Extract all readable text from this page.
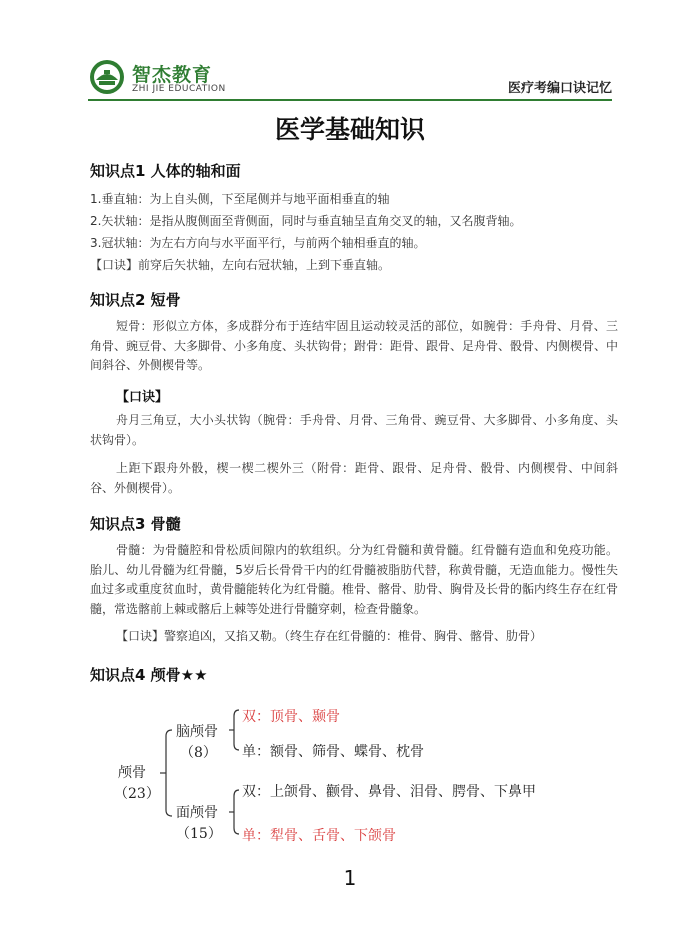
智杰教育
ZHI JIE EDUCATION	医疗考编口诀记忆
医学基础知识
知识点1 人体的轴和面
1.垂直轴：为上自头侧，下至尾侧并与地平面相垂直的轴
2.矢状轴：是指从腹侧面至背侧面，同时与垂直轴呈直角交叉的轴，又名腹背轴。
3.冠状轴：为左右方向与水平面平行，与前两个轴相垂直的轴。
【口诀】前穿后矢状轴，左向右冠状轴，上到下垂直轴。
知识点2 短骨
短骨：形似立方体，多成群分布于连结牢固且运动较灵活的部位，如腕骨：手舟骨、月骨、三角骨、豌豆骨、大多脚骨、小多角度、头状钩骨；跗骨：距骨、跟骨、足舟骨、骰骨、内侧楔骨、中间斜谷、外侧楔骨等。
【口诀】
舟月三角豆，大小头状钩（腕骨：手舟骨、月骨、三角骨、豌豆骨、大多脚骨、小多角度、头状钩骨）。
上距下跟舟外骰，楔一楔二楔外三（附骨：距骨、跟骨、足舟骨、骰骨、内侧楔骨、中间斜谷、外侧楔骨）。
知识点3 骨髓
骨髓：为骨髓腔和骨松质间隙内的软组织。分为红骨髓和黄骨髓。红骨髓有造血和免疫功能。胎儿、幼儿骨髓为红骨髓，5岁后长骨骨干内的红骨髓被脂肪代替，称黄骨髓，无造血能力。慢性失血过多或重度贫血时，黄骨髓能转化为红骨髓。椎骨、髂骨、肋骨、胸骨及长骨的骺内终生存在红骨髓，常选髂前上棘或髂后上棘等处进行骨髓穿刺，检查骨髓象。
【口诀】警察追凶，又掐又勒。（终生存在红骨髓的：椎骨、胸骨、髂骨、肋骨）
知识点4 颅骨★★
颅骨
（23）
脑颅骨
（8）
双：顶骨、颞骨
单：额骨、筛骨、蝶骨、枕骨
面颅骨
（15）
双：上颌骨、颧骨、鼻骨、泪骨、腭骨、下鼻甲
单：犁骨、舌骨、下颌骨
1
